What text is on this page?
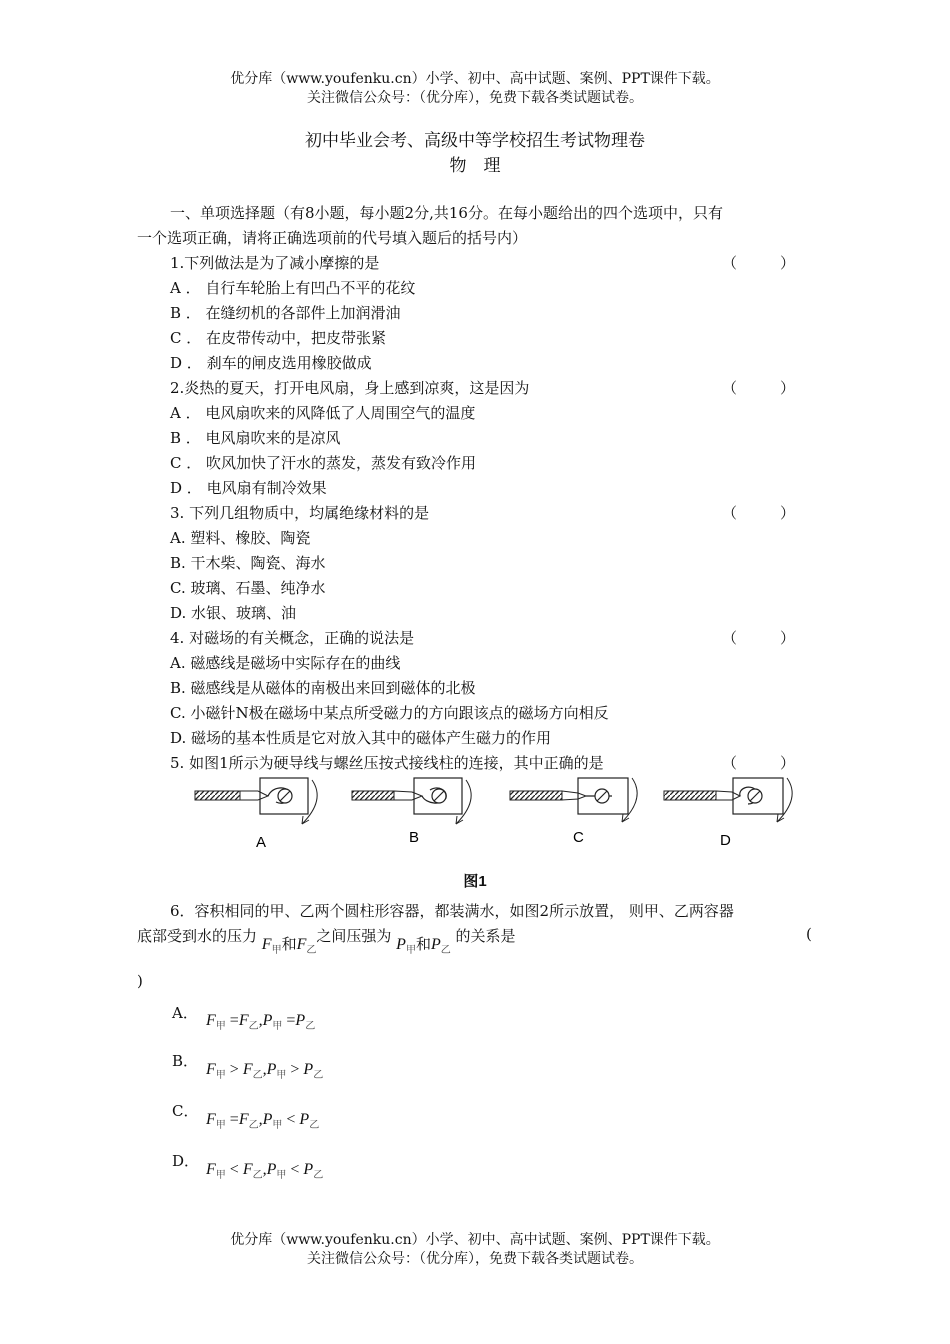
优分库（www.youfenku.cn）小学、初中、高中试题、案例、PPT课件下载。
关注微信公众号：（优分库），免费下载各类试题试卷。
初中毕业会考、高级中等学校招生考试物理卷
物　理
一、单项选择题（有8小题，每小题2分,共16分。在每小题给出的四个选项中，只有
一个选项正确，请将正确选项前的代号填入题后的括号内）
1.下列做法是为了减小摩擦的是	（	）
A ． 自行车轮胎上有凹凸不平的花纹
B ． 在缝纫机的各部件上加润滑油
C ． 在皮带传动中，把皮带张紧
D ． 刹车的闸皮选用橡胶做成
2.炎热的夏天，打开电风扇，身上感到凉爽，这是因为	（	）
A ． 电风扇吹来的风降低了人周围空气的温度
B ． 电风扇吹来的是凉风
C ． 吹风加快了汗水的蒸发，蒸发有致冷作用
D ． 电风扇有制冷效果
3. 下列几组物质中，均属绝缘材料的是	（	）
A. 塑料、橡胶、陶瓷
B. 干木柴、陶瓷、海水
C. 玻璃、石墨、纯净水
D. 水银、玻璃、油
4. 对磁场的有关概念，正确的说法是	（	）
A. 磁感线是磁场中实际存在的曲线
B. 磁感线是从磁体的南极出来回到磁体的北极
C. 小磁针N极在磁场中某点所受磁力的方向跟该点的磁场方向相反
D. 磁场的基本性质是它对放入其中的磁体产生磁力的作用
5. 如图1所示为硬导线与螺丝压按式接线柱的连接，其中正确的是	（	）
A	B	C	D
图1
6．容积相同的甲、乙两个圆柱形容器，都装满水，如图2所示放置， 则甲、乙两容器
底部受到水的压力 $F_甲$和$F_乙$之间压强为 $P_甲$和$P_乙$ 的关系是	(
)
A． $F_甲 =F_乙,P_甲 =P_乙$
B． $F_甲 > F_乙,P_甲 > P_乙$
C． $F_甲 =F_乙,P_甲 < P_乙$
D． $F_甲 < F_乙,P_甲 < P_乙$
优分库（www.youfenku.cn）小学、初中、高中试题、案例、PPT课件下载。
关注微信公众号：（优分库），免费下载各类试题试卷。
